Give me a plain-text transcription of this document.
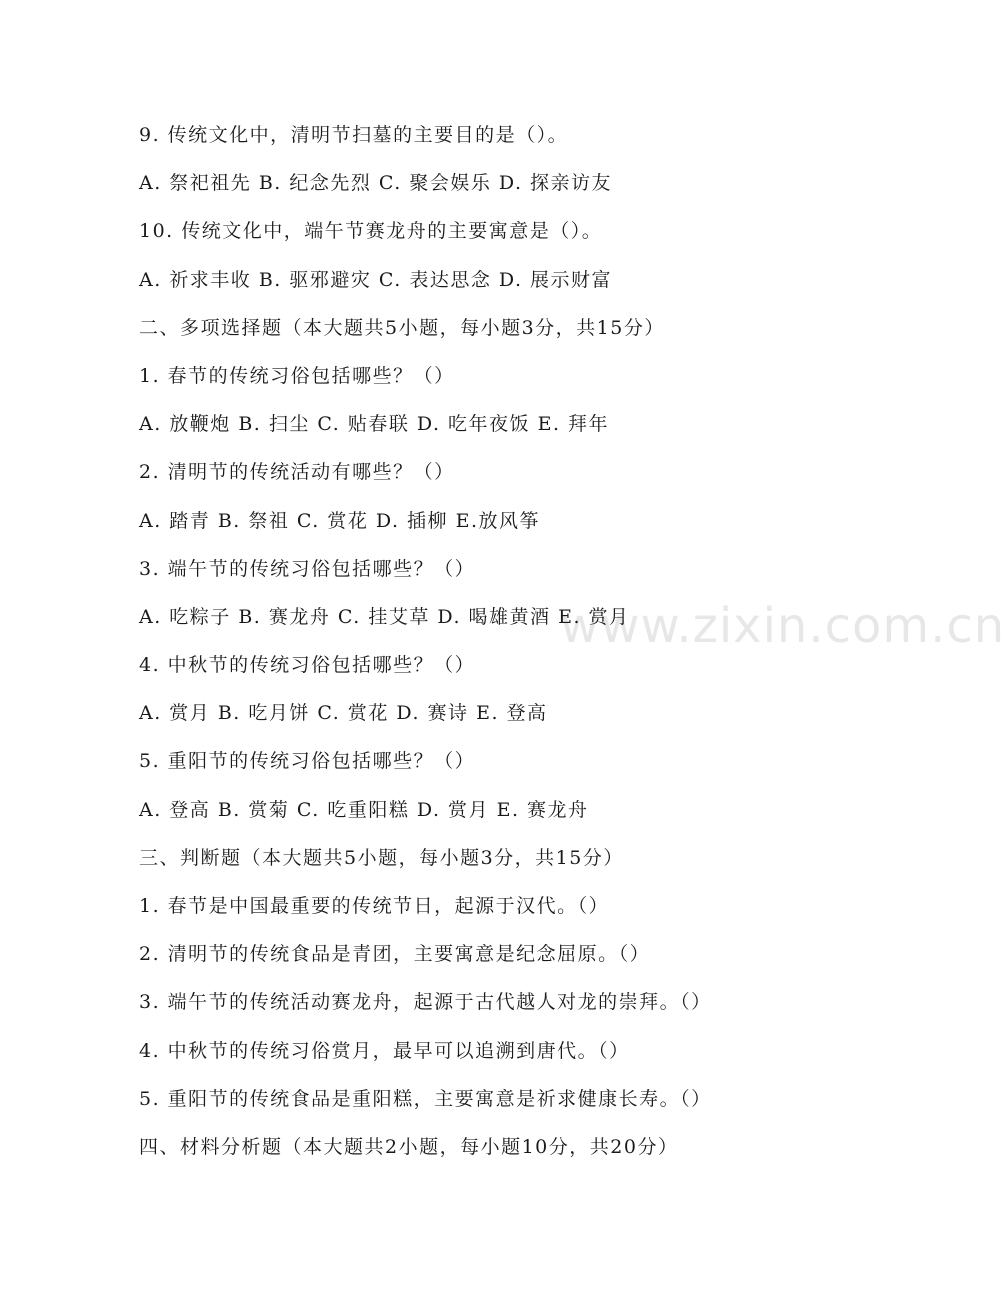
9. 传统文化中，清明节扫墓的主要目的是（）。
A. 祭祀祖先 B. 纪念先烈 C. 聚会娱乐 D. 探亲访友
10. 传统文化中，端午节赛龙舟的主要寓意是（）。
A. 祈求丰收 B. 驱邪避灾 C. 表达思念 D. 展示财富
二、多项选择题（本大题共5小题，每小题3分，共15分）
1. 春节的传统习俗包括哪些？（）
A. 放鞭炮 B. 扫尘 C. 贴春联 D. 吃年夜饭 E. 拜年
2. 清明节的传统活动有哪些？（）
A. 踏青 B. 祭祖 C. 赏花 D. 插柳 E.放风筝
3. 端午节的传统习俗包括哪些？（）
A. 吃粽子 B. 赛龙舟 C. 挂艾草 D. 喝雄黄酒 E. 赏月
4. 中秋节的传统习俗包括哪些？（）
A. 赏月 B. 吃月饼 C. 赏花 D. 赛诗 E. 登高
5. 重阳节的传统习俗包括哪些？（）
A. 登高 B. 赏菊 C. 吃重阳糕 D. 赏月 E. 赛龙舟
三、判断题（本大题共5小题，每小题3分，共15分）
1. 春节是中国最重要的传统节日，起源于汉代。（）
2. 清明节的传统食品是青团，主要寓意是纪念屈原。（）
3. 端午节的传统活动赛龙舟，起源于古代越人对龙的崇拜。（）
4. 中秋节的传统习俗赏月，最早可以追溯到唐代。（）
5. 重阳节的传统食品是重阳糕，主要寓意是祈求健康长寿。（）
四、材料分析题（本大题共2小题，每小题10分，共20分）
www.zixin.com.cn
